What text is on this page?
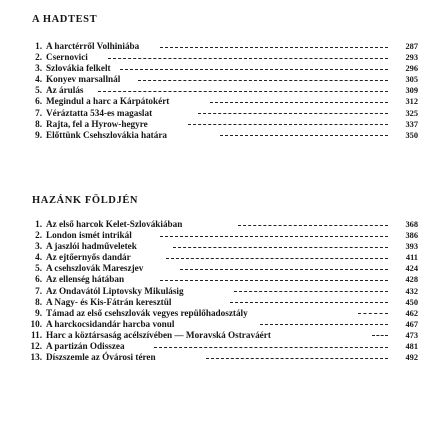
A HADTEST
1. A harctérről Volhiniába	287
2. Csernovici	293
3. Szlovákia felkelt	296
4. Konyev marsallnál	305
5. Az árulás	309
6. Megindul a harc a Kárpátokért	312
7. Véráztatta 534-es magaslat	325
8. Rajta, fel a Hyrow-hegyre	337
9. Előttünk Csehszlovákia határa	350
HAZÁNK FÖLDJÉN
1. Az első harcok Kelet-Szlovákiában	368
2. London ismét intrikál	386
3. A jaszlói hadműveletek	393
4. Az ejtőernyős dandár	411
5. A csehszlovák Mareszjev	424
6. Az ellenség hátában	428
7. Az Ondavától Liptovsky Mikulásig	432
8. A Nagy- és Kis-Fátrán keresztül	450
9. Támad az első csehszlovák vegyes repülőhadosztály	462
10. A harckocsidandár harcba vonul	467
11. Harc a köztársaság acélszívében — Moravská Ostraváért	473
12. A partizán Odisszea	481
13. Díszszemle az Óvárosi téren	492
